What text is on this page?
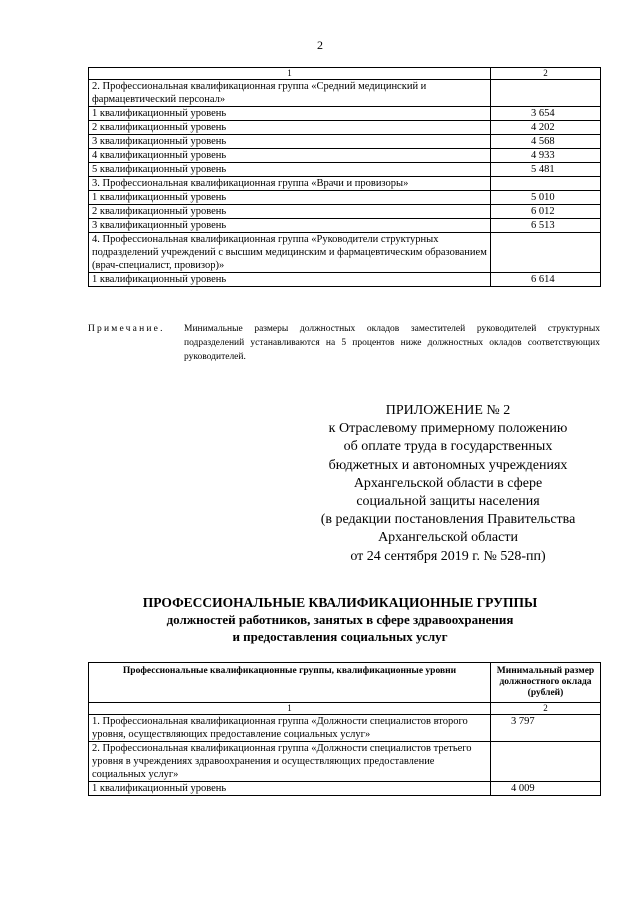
2
1	2
2. Профессиональная квалификационная группа «Средний медицинский и фармацевтический персонал»	
1 квалификационный уровень	3 654
2 квалификационный уровень	4 202
3 квалификационный уровень	4 568
4 квалификационный уровень	4 933
5 квалификационный уровень	5 481
3. Профессиональная квалификационная группа «Врачи и провизоры»	
1 квалификационный уровень	5 010
2 квалификационный уровень	6 012
3 квалификационный уровень	6 513
4. Профессиональная квалификационная группа «Руководители структурных подразделений учреждений с высшим медицинским и фармацевтическим образованием (врач-специалист, провизор)»	
1 квалификационный уровень	6 614
Примечание. Минимальные размеры должностных окладов заместителей руководителей структурных подразделений устанавливаются на 5 процентов ниже должностных окладов соответствующих руководителей.
ПРИЛОЖЕНИЕ № 2
к Отраслевому примерному положению
об оплате труда в государственных
бюджетных и автономных учреждениях
Архангельской области в сфере
социальной защиты населения
(в редакции постановления Правительства
Архангельской области
от 24 сентября 2019 г. № 528-пп)
ПРОФЕССИОНАЛЬНЫЕ КВАЛИФИКАЦИОННЫЕ ГРУППЫ
должностей работников, занятых в сфере здравоохранения
и предоставления социальных услуг
Профессиональные квалификационные группы, квалификационные уровни	Минимальный размер должностного оклада (рублей)
1	2
1. Профессиональная квалификационная группа «Должности специалистов второго уровня, осуществляющих предоставление социальных услуг»	3 797
2. Профессиональная квалификационная группа «Должности специалистов третьего уровня в учреждениях здравоохранения и осуществляющих предоставление социальных услуг»	
1 квалификационный уровень	4 009
